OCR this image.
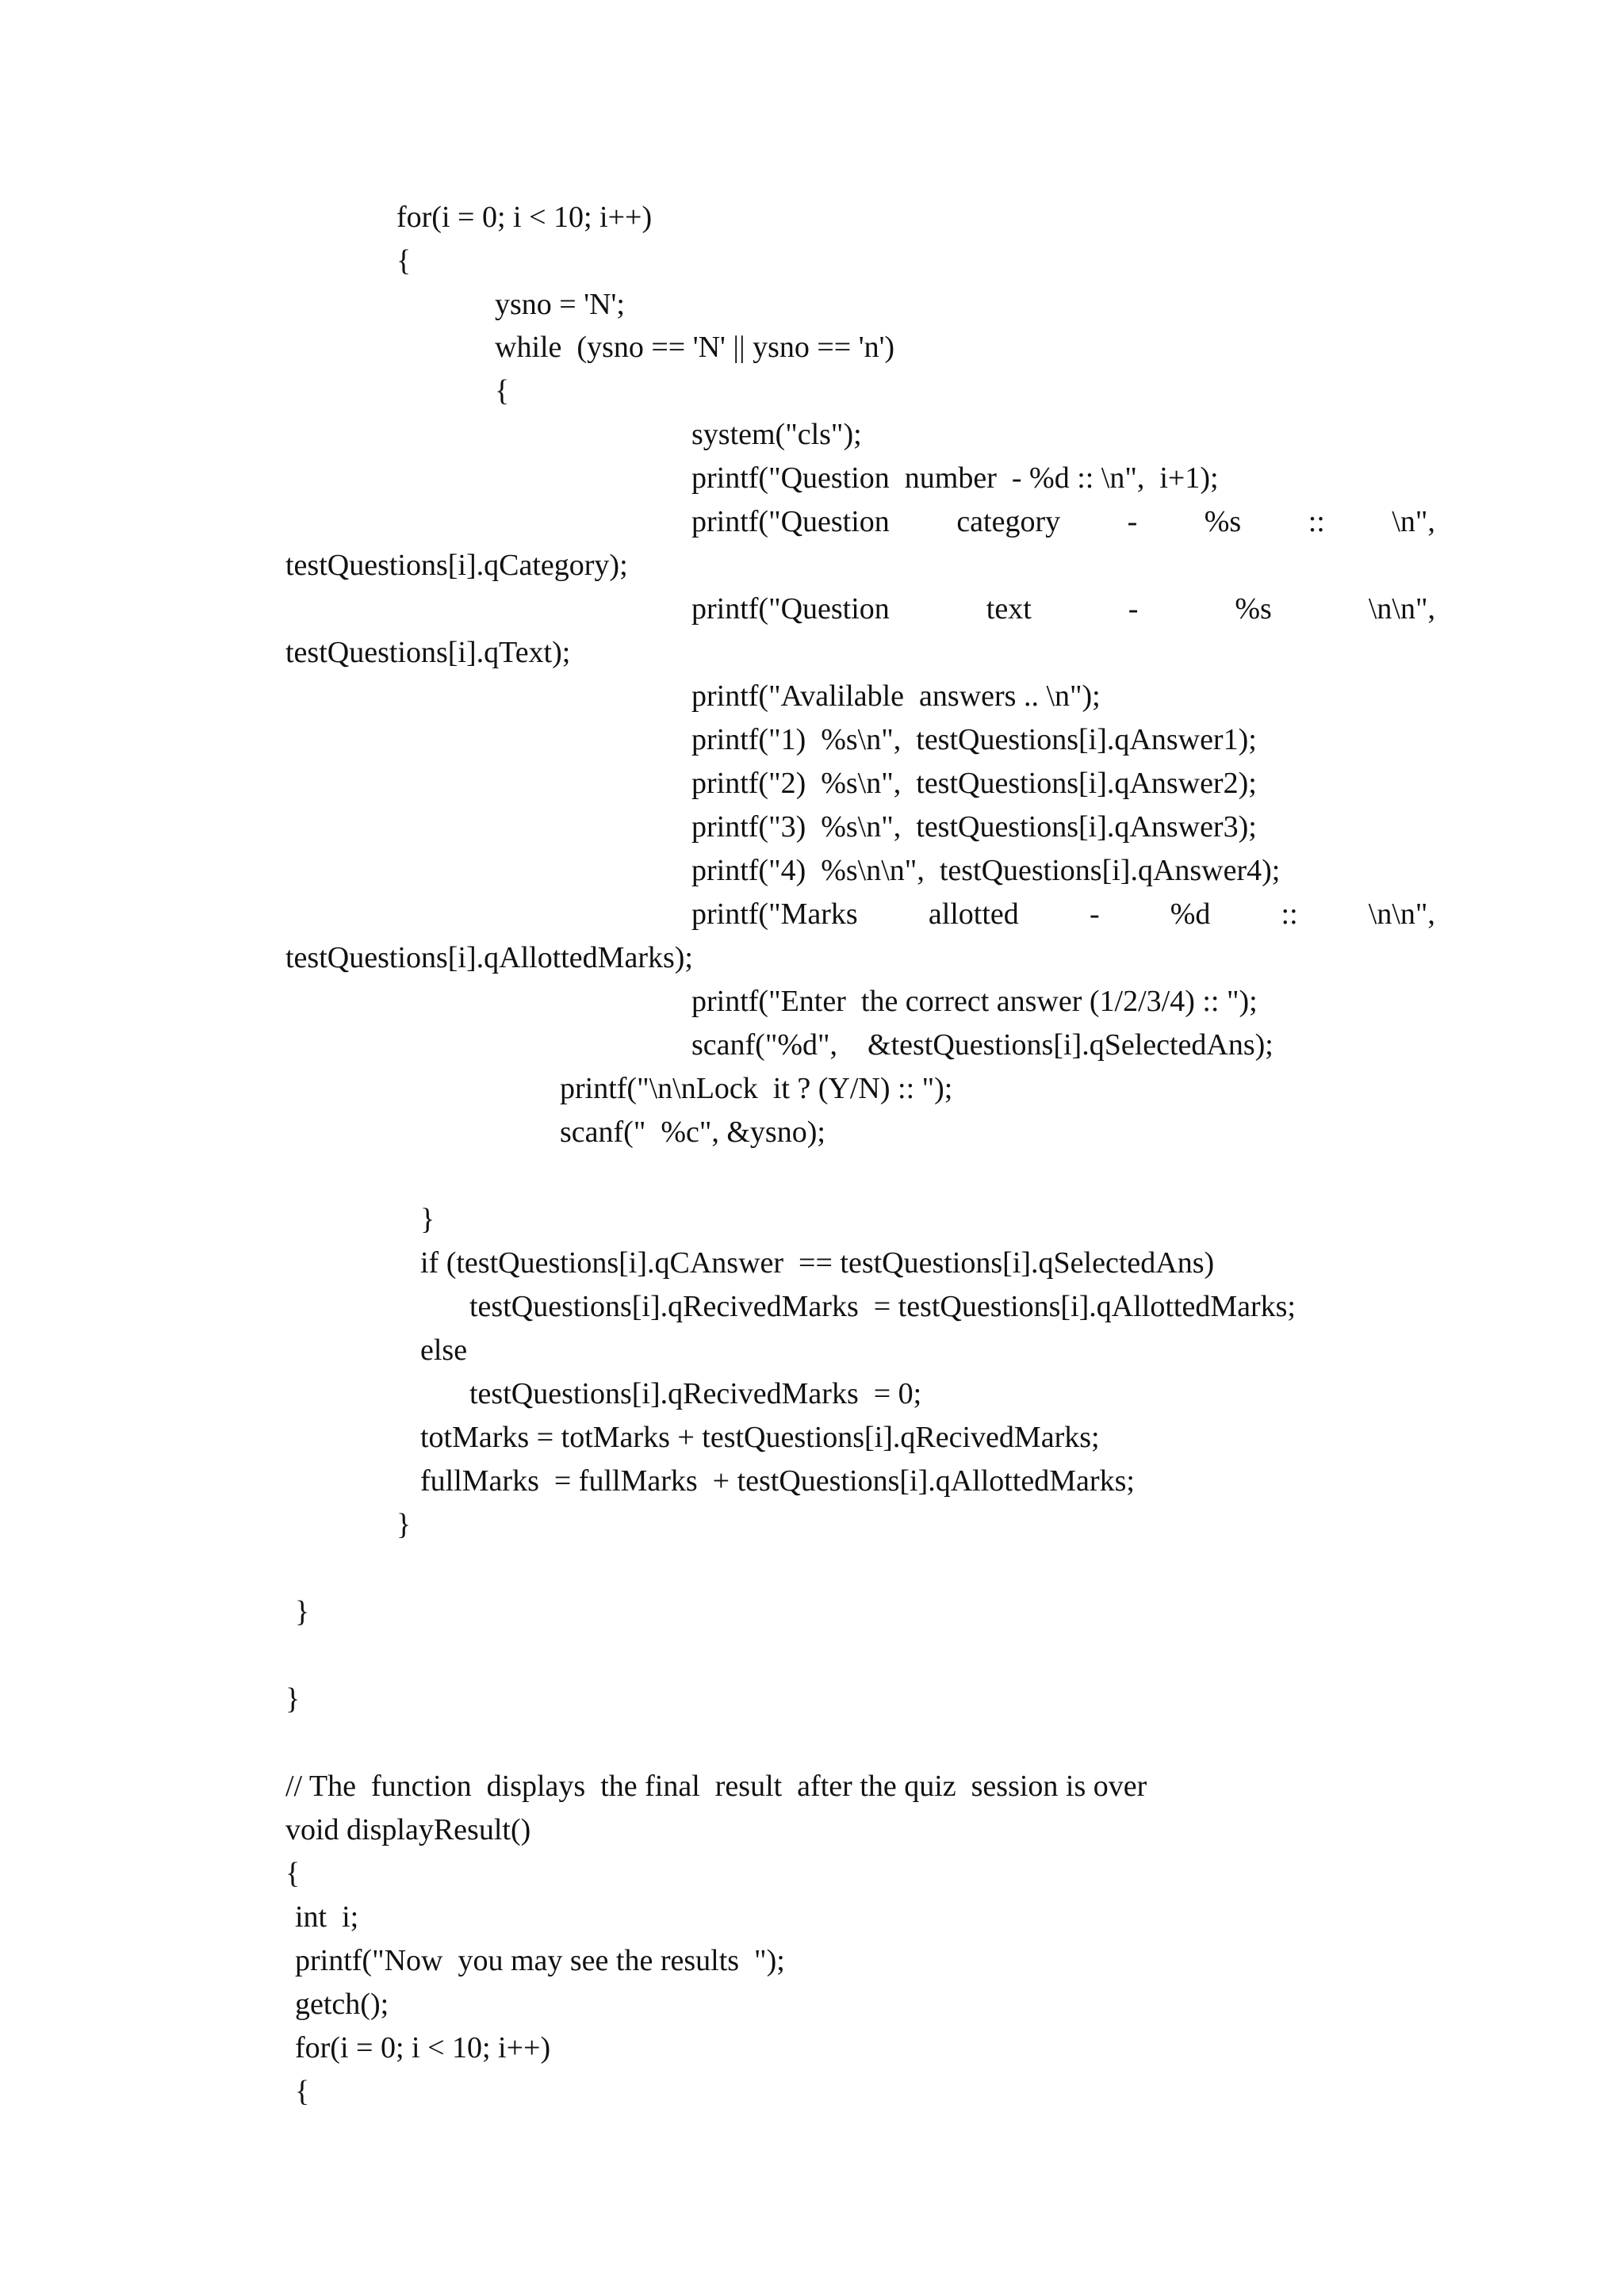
for(i = 0; i < 10; i++)

{

ysno = 'N';

while  (ysno == 'N' || ysno == 'n')

{

system("cls");

printf("Question  number  - %d :: \n",  i+1);

printf("Question category - %s :: \n",

testQuestions[i].qCategory);

printf("Question	text	-	%s	\n\n",

testQuestions[i].qText);

printf("Avalilable  answers .. \n");

printf("1)  %s\n",  testQuestions[i].qAnswer1);

printf("2)  %s\n",  testQuestions[i].qAnswer2);

printf("3)  %s\n",  testQuestions[i].qAnswer3);

printf("4)  %s\n\n",  testQuestions[i].qAnswer4);

printf("Marks allotted - %d :: \n\n",

testQuestions[i].qAllottedMarks);

printf("Enter  the correct answer (1/2/3/4) :: ");

scanf("%d",    &testQuestions[i].qSelectedAns);

printf("\n\nLock  it ? (Y/N) :: ");

scanf("  %c", &ysno);

}

if (testQuestions[i].qCAnswer  == testQuestions[i].qSelectedAns)

testQuestions[i].qRecivedMarks  = testQuestions[i].qAllottedMarks;

else

testQuestions[i].qRecivedMarks  = 0;

totMarks = totMarks + testQuestions[i].qRecivedMarks;

fullMarks  = fullMarks  + testQuestions[i].qAllottedMarks;

}

}

}

// The  function  displays  the final  result  after the quiz  session is over

void displayResult()

{

int  i;

printf("Now  you may see the results  ");

getch();

for(i = 0; i < 10; i++)

{
